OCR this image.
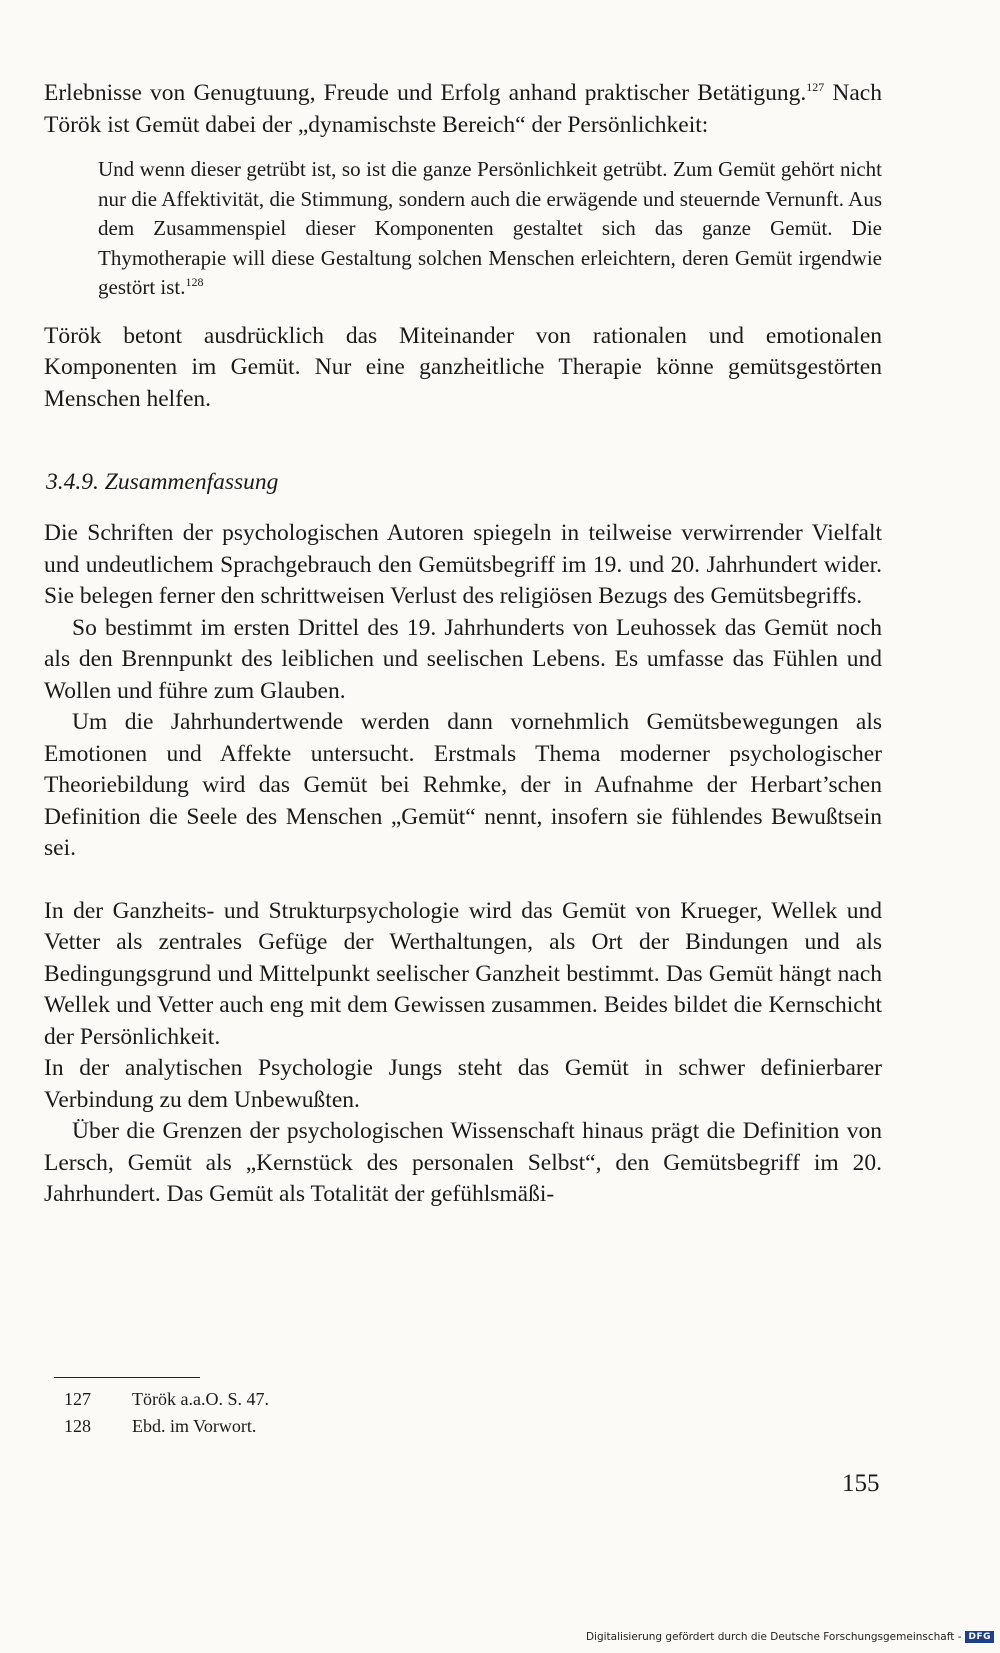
Erlebnisse von Genugtuung, Freude und Erfolg anhand praktischer Betätigung.$^{127}$ Nach Török ist Gemüt dabei der „dynamischste Bereich“ der Persönlichkeit:

Und wenn dieser getrübt ist, so ist die ganze Persönlichkeit getrübt. Zum Gemüt gehört nicht nur die Affektivität, die Stimmung, sondern auch die erwägende und steuernde Vernunft. Aus dem Zusammenspiel dieser Komponenten gestaltet sich das ganze Gemüt. Die Thymotherapie will diese Gestaltung solchen Menschen erleichtern, deren Gemüt irgendwie gestört ist.$^{128}$

Török betont ausdrücklich das Miteinander von rationalen und emotionalen Komponenten im Gemüt. Nur eine ganzheitliche Therapie könne gemütsgestörten Menschen helfen.

3.4.9. Zusammenfassung

Die Schriften der psychologischen Autoren spiegeln in teilweise verwirrender Vielfalt und undeutlichem Sprachgebrauch den Gemütsbegriff im 19. und 20. Jahrhundert wider. Sie belegen ferner den schrittweisen Verlust des religiösen Bezugs des Gemütsbegriffs.

So bestimmt im ersten Drittel des 19. Jahrhunderts von Leuhossek das Gemüt noch als den Brennpunkt des leiblichen und seelischen Lebens. Es umfasse das Fühlen und Wollen und führe zum Glauben.

Um die Jahrhundertwende werden dann vornehmlich Gemütsbewegungen als Emotionen und Affekte untersucht. Erstmals Thema moderner psychologischer Theoriebildung wird das Gemüt bei Rehmke, der in Aufnahme der Herbart’schen Definition die Seele des Menschen „Gemüt“ nennt, insofern sie fühlendes Bewußtsein sei.

In der Ganzheits- und Strukturpsychologie wird das Gemüt von Krueger, Wellek und Vetter als zentrales Gefüge der Werthaltungen, als Ort der Bindungen und als Bedingungsgrund und Mittelpunkt seelischer Ganzheit bestimmt. Das Gemüt hängt nach Wellek und Vetter auch eng mit dem Gewissen zusammen. Beides bildet die Kernschicht der Persönlichkeit.

In der analytischen Psychologie Jungs steht das Gemüt in schwer definierbarer Verbindung zu dem Unbewußten.

Über die Grenzen der psychologischen Wissenschaft hinaus prägt die Definition von Lersch, Gemüt als „Kernstück des personalen Selbst“, den Gemütsbegriff im 20. Jahrhundert. Das Gemüt als Totalität der gefühlsmäßi-

127 Török a.a.O. S. 47.
128 Ebd. im Vorwort.
155
Digitalisierung gefördert durch die Deutsche Forschungsgemeinschaft - DFG
